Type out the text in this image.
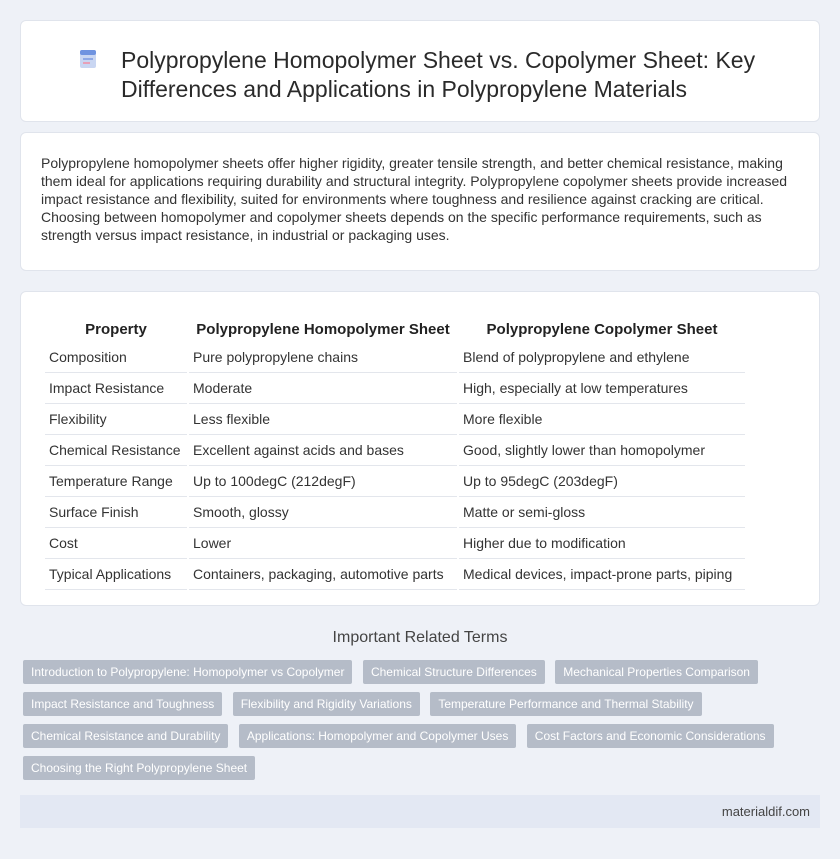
Polypropylene Homopolymer Sheet vs. Copolymer Sheet: Key Differences and Applications in Polypropylene Materials

Polypropylene homopolymer sheets offer higher rigidity, greater tensile strength, and better chemical resistance, making them ideal for applications requiring durability and structural integrity. Polypropylene copolymer sheets provide increased impact resistance and flexibility, suited for environments where toughness and resilience against cracking are critical. Choosing between homopolymer and copolymer sheets depends on the specific performance requirements, such as strength versus impact resistance, in industrial or packaging uses.

Property	Polypropylene Homopolymer Sheet	Polypropylene Copolymer Sheet
Composition	Pure polypropylene chains	Blend of polypropylene and ethylene
Impact Resistance	Moderate	High, especially at low temperatures
Flexibility	Less flexible	More flexible
Chemical Resistance	Excellent against acids and bases	Good, slightly lower than homopolymer
Temperature Range	Up to 100degC (212degF)	Up to 95degC (203degF)
Surface Finish	Smooth, glossy	Matte or semi-gloss
Cost	Lower	Higher due to modification
Typical Applications	Containers, packaging, automotive parts	Medical devices, impact-prone parts, piping
Important Related Terms
Introduction to Polypropylene: Homopolymer vs Copolymer Chemical Structure Differences Mechanical Properties Comparison Impact Resistance and Toughness Flexibility and Rigidity Variations Temperature Performance and Thermal Stability Chemical Resistance and Durability Applications: Homopolymer and Copolymer Uses Cost Factors and Economic Considerations Choosing the Right Polypropylene Sheet
materialdif.com
